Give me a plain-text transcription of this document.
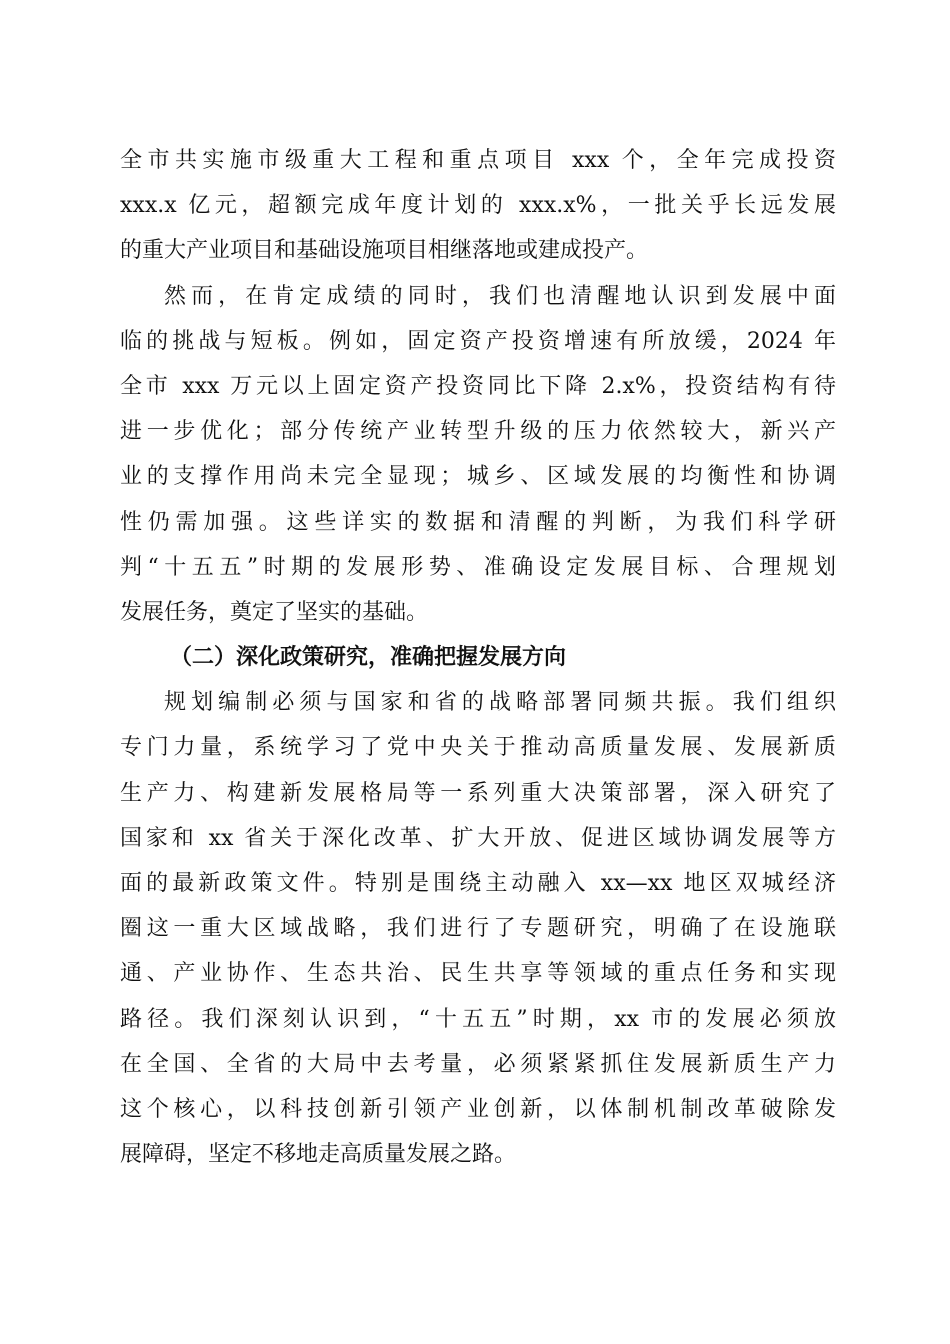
全市共实施市级重大工程和重点项目 xxx 个，全年完成投资
xxx.x 亿元，超额完成年度计划的 xxx.x%，一批关乎长远发展
的重大产业项目和基础设施项目相继落地或建成投产。
然而，在肯定成绩的同时，我们也清醒地认识到发展中面
临的挑战与短板。例如，固定资产投资增速有所放缓，2024 年
全市 xxx 万元以上固定资产投资同比下降 2.x%，投资结构有待
进一步优化；部分传统产业转型升级的压力依然较大，新兴产
业的支撑作用尚未完全显现；城乡、区域发展的均衡性和协调
性仍需加强。这些详实的数据和清醒的判断，为我们科学研
判“十五五”时期的发展形势、准确设定发展目标、合理规划
发展任务，奠定了坚实的基础。
（二）深化政策研究，准确把握发展方向
规划编制必须与国家和省的战略部署同频共振。我们组织
专门力量，系统学习了党中央关于推动高质量发展、发展新质
生产力、构建新发展格局等一系列重大决策部署，深入研究了
国家和 xx 省关于深化改革、扩大开放、促进区域协调发展等方
面的最新政策文件。特别是围绕主动融入 xx—xx 地区双城经济
圈这一重大区域战略，我们进行了专题研究，明确了在设施联
通、产业协作、生态共治、民生共享等领域的重点任务和实现
路径。我们深刻认识到，“十五五”时期，xx 市的发展必须放
在全国、全省的大局中去考量，必须紧紧抓住发展新质生产力
这个核心，以科技创新引领产业创新，以体制机制改革破除发
展障碍，坚定不移地走高质量发展之路。
